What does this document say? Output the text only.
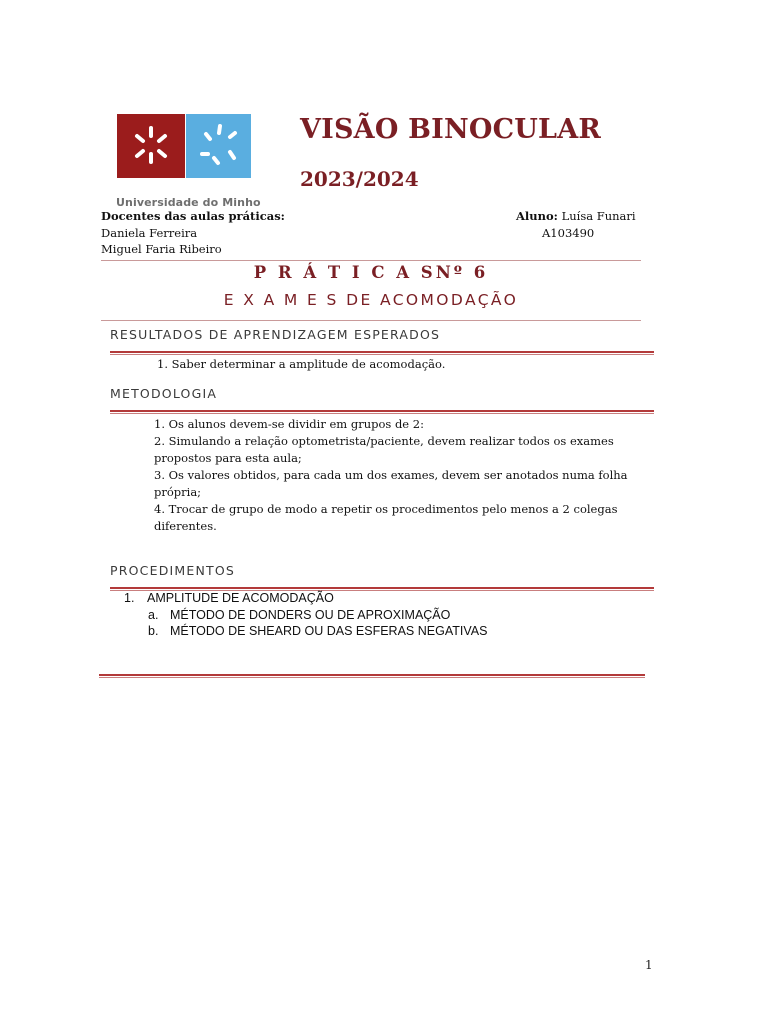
Universidade do Minho
VISÃO BINOCULAR
2023/2024
Docentes das aulas práticas:
Daniela Ferreira
Miguel Faria Ribeiro
Aluno: Luísa Funari
A103490
P R Á T I C A SNº 6
E X A M E S DE ACOMODAÇÃO
RESULTADOS DE APRENDIZAGEM ESPERADOS
1. Saber determinar a amplitude de acomodação.
METODOLOGIA
1. Os alunos devem-se dividir em grupos de 2:
2. Simulando a relação optometrista/paciente, devem realizar todos os exames
propostos para esta aula;
3. Os valores obtidos, para cada um dos exames, devem ser anotados numa folha
própria;
4. Trocar de grupo de modo a repetir os procedimentos pelo menos a 2 colegas
diferentes.
PROCEDIMENTOS
1. AMPLITUDE DE ACOMODAÇÃO
a. MÉTODO DE DONDERS OU DE APROXIMAÇÃO
b. MÉTODO DE SHEARD OU DAS ESFERAS NEGATIVAS
1
